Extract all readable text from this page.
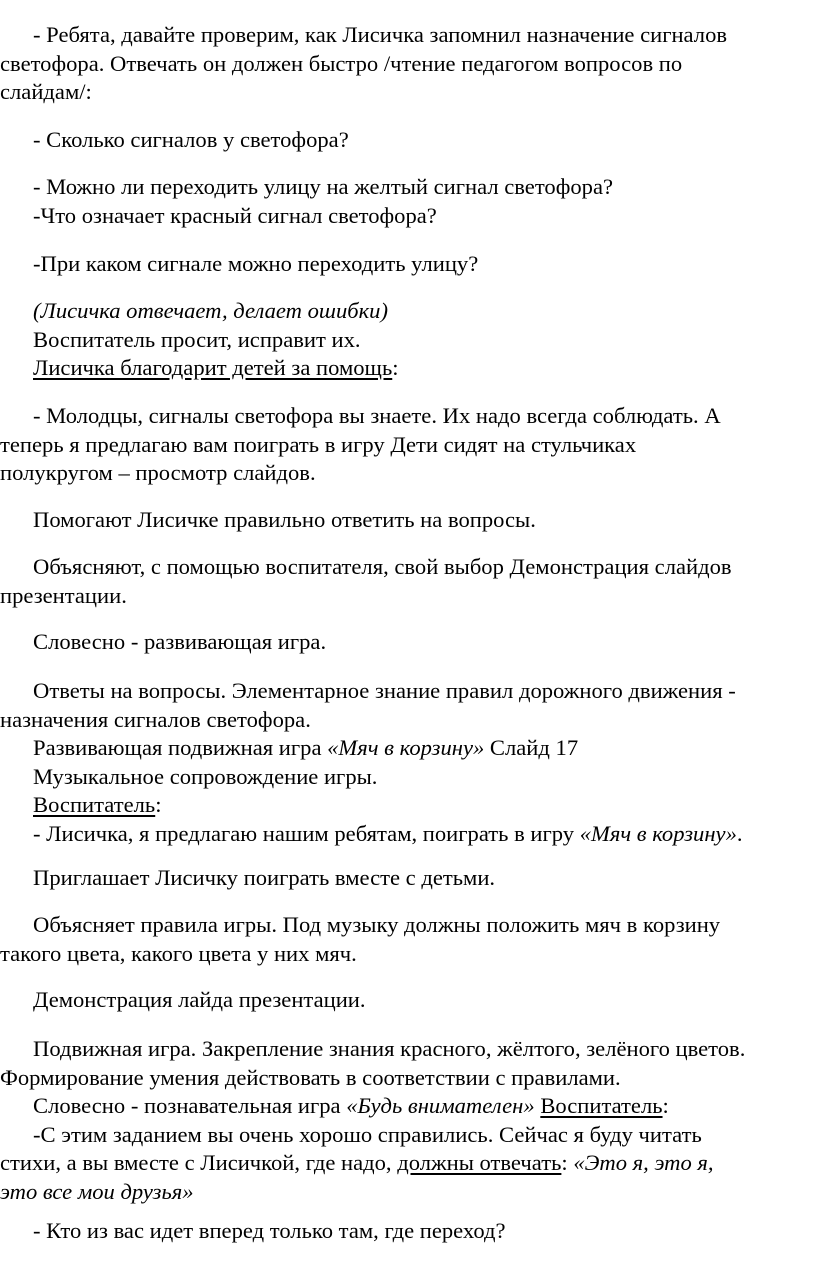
- Ребята, давайте проверим, как Лисичка запомнил назначение сигналов
светофора. Отвечать он должен быстро /чтение педагогом вопросов по
слайдам/:
- Сколько сигналов у светофора?
- Можно ли переходить улицу на желтый сигнал светофора?
-Что означает красный сигнал светофора?
-При каком сигнале можно переходить улицу?
(Лисичка отвечает, делает ошибки)
Воспитатель просит, исправит их.
Лисичка благодарит детей за помощь:
- Молодцы, сигналы светофора вы знаете. Их надо всегда соблюдать. А
теперь я предлагаю вам поиграть в игру Дети сидят на стульчиках
полукругом – просмотр слайдов.
Помогают Лисичке правильно ответить на вопросы.
Объясняют, с помощью воспитателя, свой выбор Демонстрация слайдов
презентации.
Словесно - развивающая игра.
Ответы на вопросы. Элементарное знание правил дорожного движения -
назначения сигналов светофора.
Развивающая подвижная игра «Мяч в корзину» Слайд 17
Музыкальное сопровождение игры.
Воспитатель:
- Лисичка, я предлагаю нашим ребятам, поиграть в игру «Мяч в корзину».
Приглашает Лисичку поиграть вместе с детьми.
Объясняет правила игры. Под музыку должны положить мяч в корзину
такого цвета, какого цвета у них мяч.
Демонстрация лайда презентации.
Подвижная игра. Закрепление знания красного, жёлтого, зелёного цветов.
Формирование умения действовать в соответствии с правилами.
Словесно - познавательная игра «Будь внимателен» Воспитатель:
-С этим заданием вы очень хорошо справились. Сейчас я буду читать
стихи, а вы вместе с Лисичкой, где надо, должны отвечать: «Это я, это я,
это все мои друзья»
- Кто из вас идет вперед только там, где переход?
